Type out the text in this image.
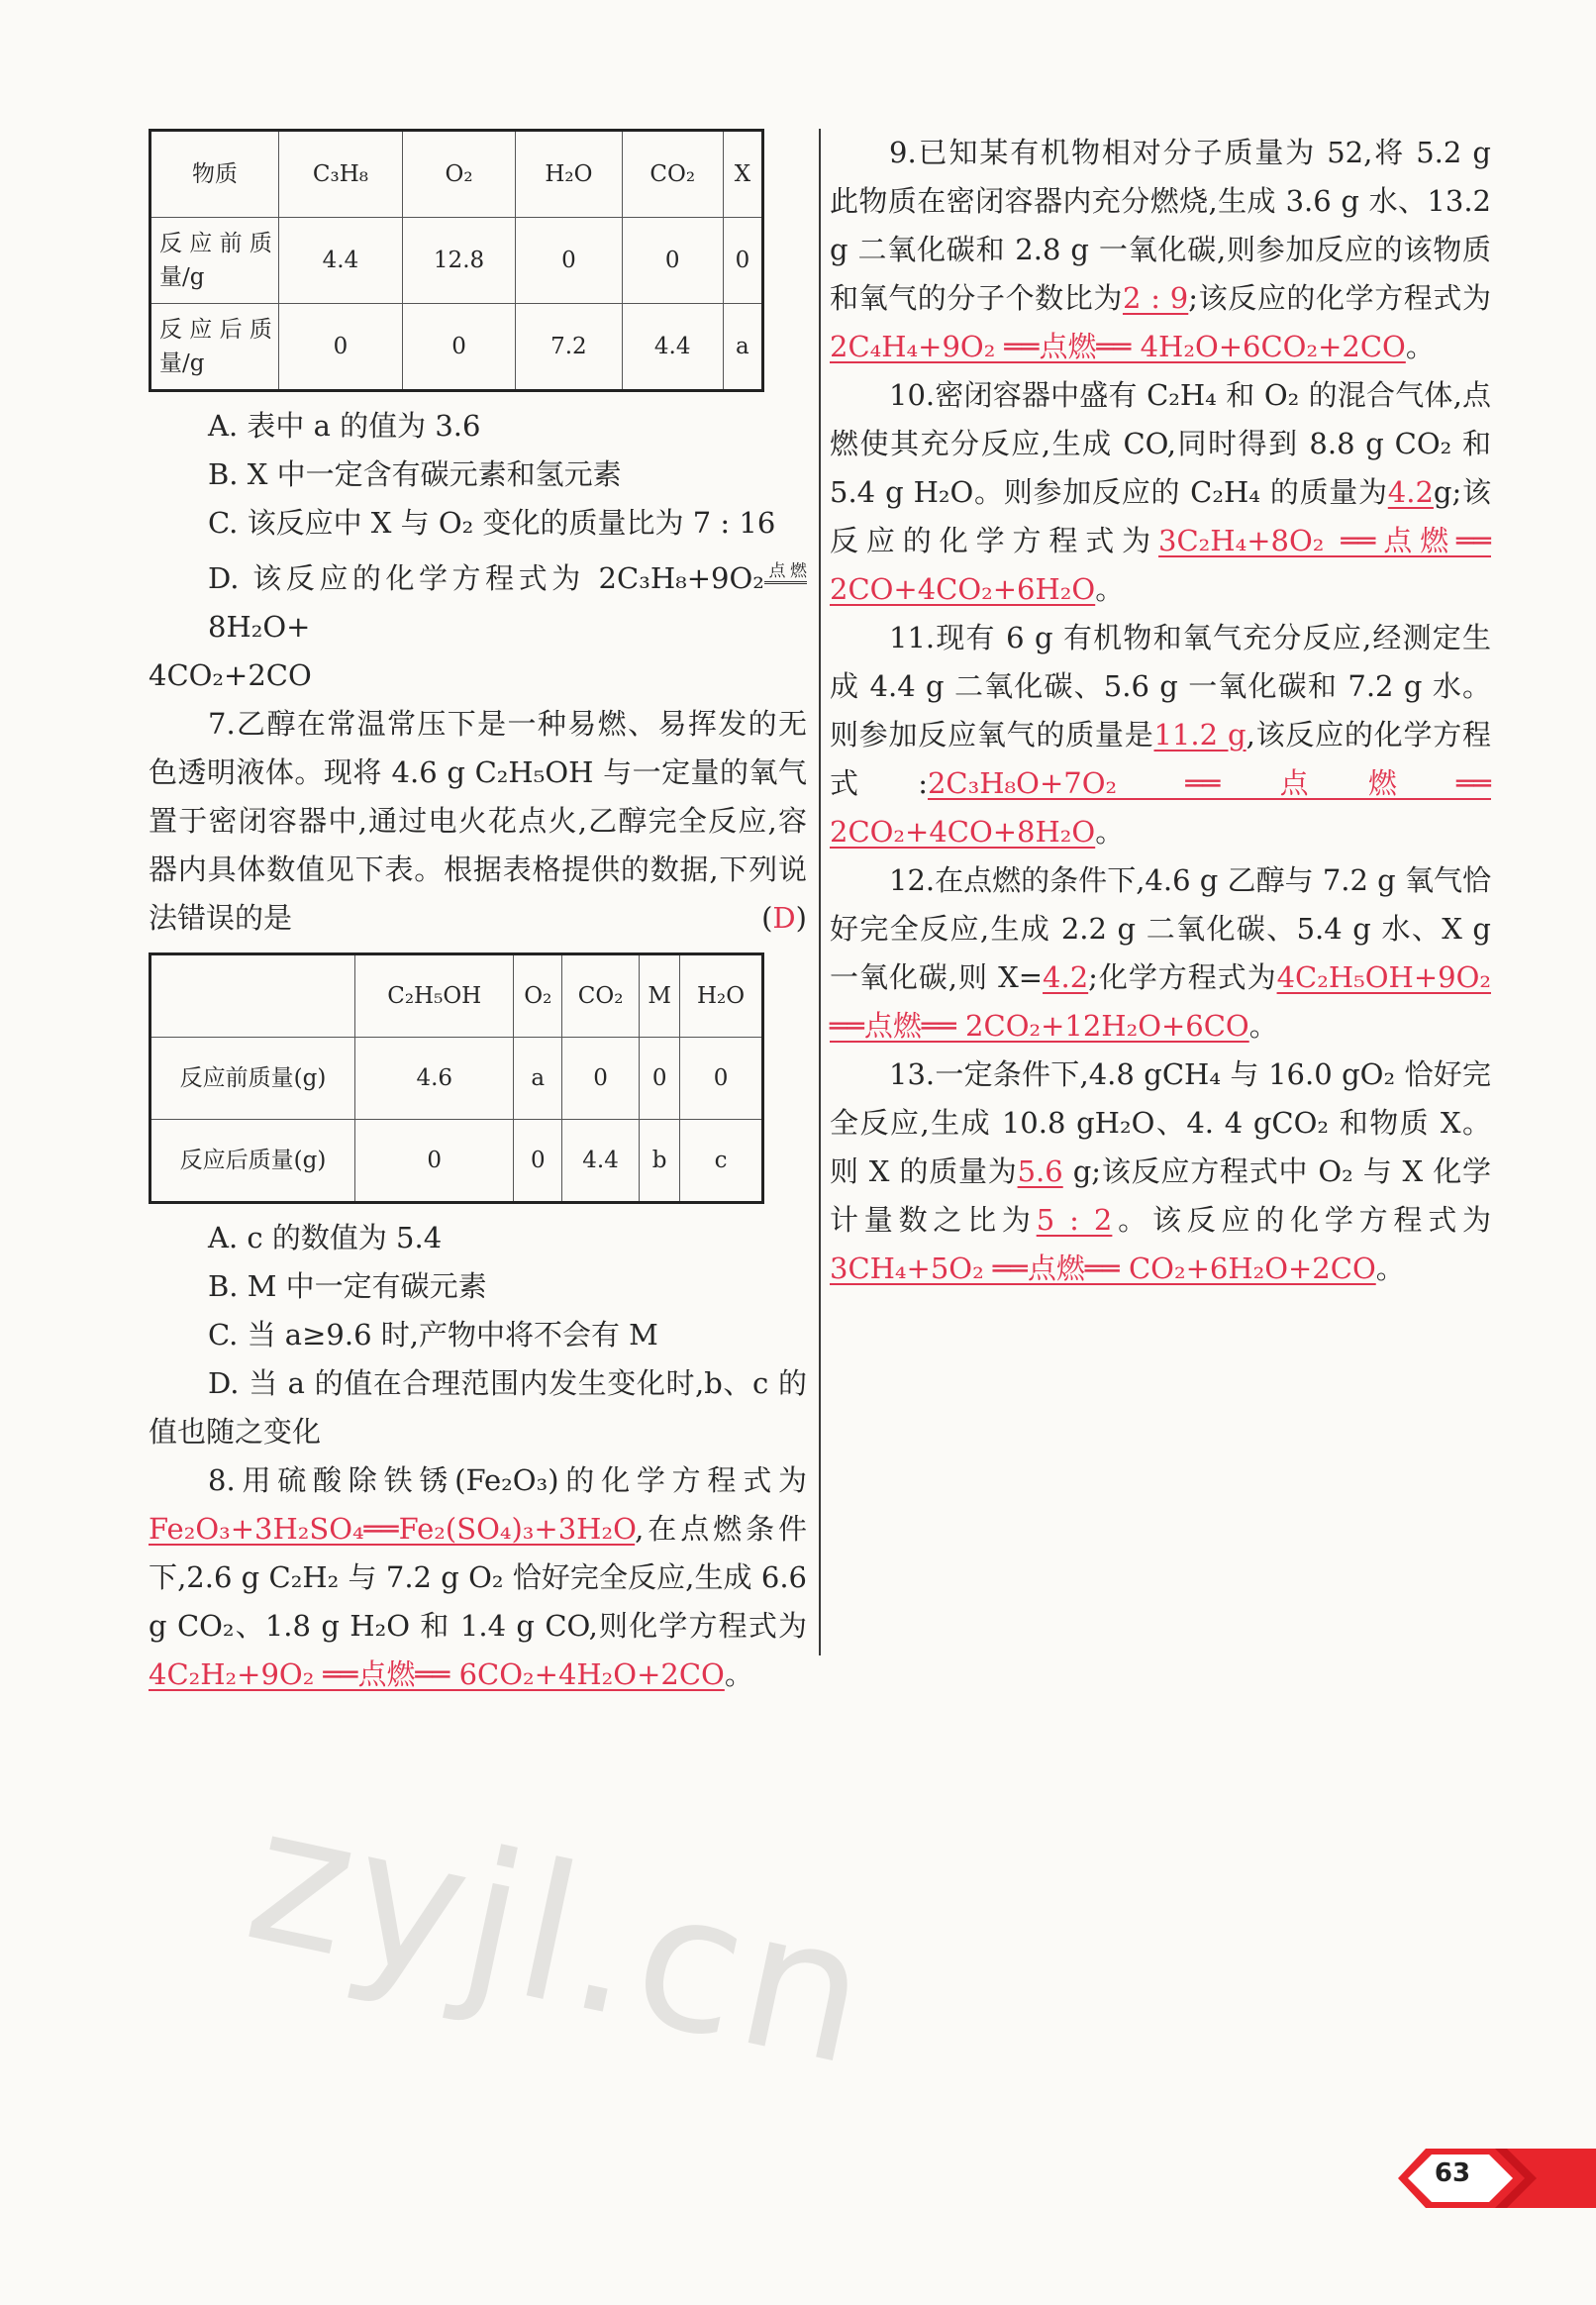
物质	C₃H₈	O₂	H₂O	CO₂	X
反 应 前 质量/g	4.4	12.8	0	0	0
反 应 后 质量/g	0	0	7.2	4.4	a

A. 表中 a 的值为 3.6

B. X 中一定含有碳元素和氢元素

C. 该反应中 X 与 O₂ 变化的质量比为 7 : 16

D. 该反应的化学方程式为 2C₃H₈+9O₂$^{点燃}$8H₂O+

4CO₂+2CO

7.乙醇在常温常压下是一种易燃、易挥发的无色透明液体。现将 4.6 g C₂H₅OH 与一定量的氧气置于密闭容器中,通过电火花点火,乙醇完全反应,容器内具体数值见下表。根据表格提供的数据,下列说法错误的是	(D)

	C₂H₅OH	O₂	CO₂	M	H₂O
反应前质量(g)	4.6	a	0	0	0
反应后质量(g)	0	0	4.4	b	c

A. c 的数值为 5.4

B. M 中一定有碳元素

C. 当 a≥9.6 时,产物中将不会有 M

D. 当 a 的值在合理范围内发生变化时,b、c 的值也随之变化

8.用硫酸除铁锈(Fe₂O₃)的化学方程式为Fe₂O₃+3H₂SO₄══Fe₂(SO₄)₃+3H₂O,在点燃条件下,2.6 g C₂H₂ 与 7.2 g O₂ 恰好完全反应,生成 6.6 g CO₂、1.8 g H₂O 和 1.4 g CO,则化学方程式为4C₂H₂+9O₂ ══点燃══ 6CO₂+4H₂O+2CO。

9.已知某有机物相对分子质量为 52,将 5.2 g 此物质在密闭容器内充分燃烧,生成 3.6 g 水、13.2 g 二氧化碳和 2.8 g 一氧化碳,则参加反应的该物质和氧气的分子个数比为2 : 9;该反应的化学方程式为2C₄H₄+9O₂ ══点燃══ 4H₂O+6CO₂+2CO。

10.密闭容器中盛有 C₂H₄ 和 O₂ 的混合气体,点燃使其充分反应,生成 CO,同时得到 8.8 g CO₂ 和 5.4 g H₂O。则参加反应的 C₂H₄ 的质量为4.2g;该反应的化学方程式为3C₂H₄+8O₂ ══点燃══ 2CO+4CO₂+6H₂O。

11.现有 6 g 有机物和氧气充分反应,经测定生成 4.4 g 二氧化碳、5.6 g 一氧化碳和 7.2 g 水。则参加反应氧气的质量是11.2 g,该反应的化学方程式:2C₃H₈O+7O₂ ══点燃══ 2CO₂+4CO+8H₂O。

12.在点燃的条件下,4.6 g 乙醇与 7.2 g 氧气恰好完全反应,生成 2.2 g 二氧化碳、5.4 g 水、X g 一氧化碳,则 X=4.2;化学方程式为4C₂H₅OH+9O₂ ══点燃══ 2CO₂+12H₂O+6CO。

13.一定条件下,4.8 gCH₄ 与 16.0 gO₂ 恰好完全反应,生成 10.8 gH₂O、4. 4 gCO₂ 和物质 X。则 X 的质量为5.6 g;该反应方程式中 O₂ 与 X 化学计量数之比为5 : 2。该反应的化学方程式为3CH₄+5O₂ ══点燃══ CO₂+6H₂O+2CO。

zyjl.cn
63
